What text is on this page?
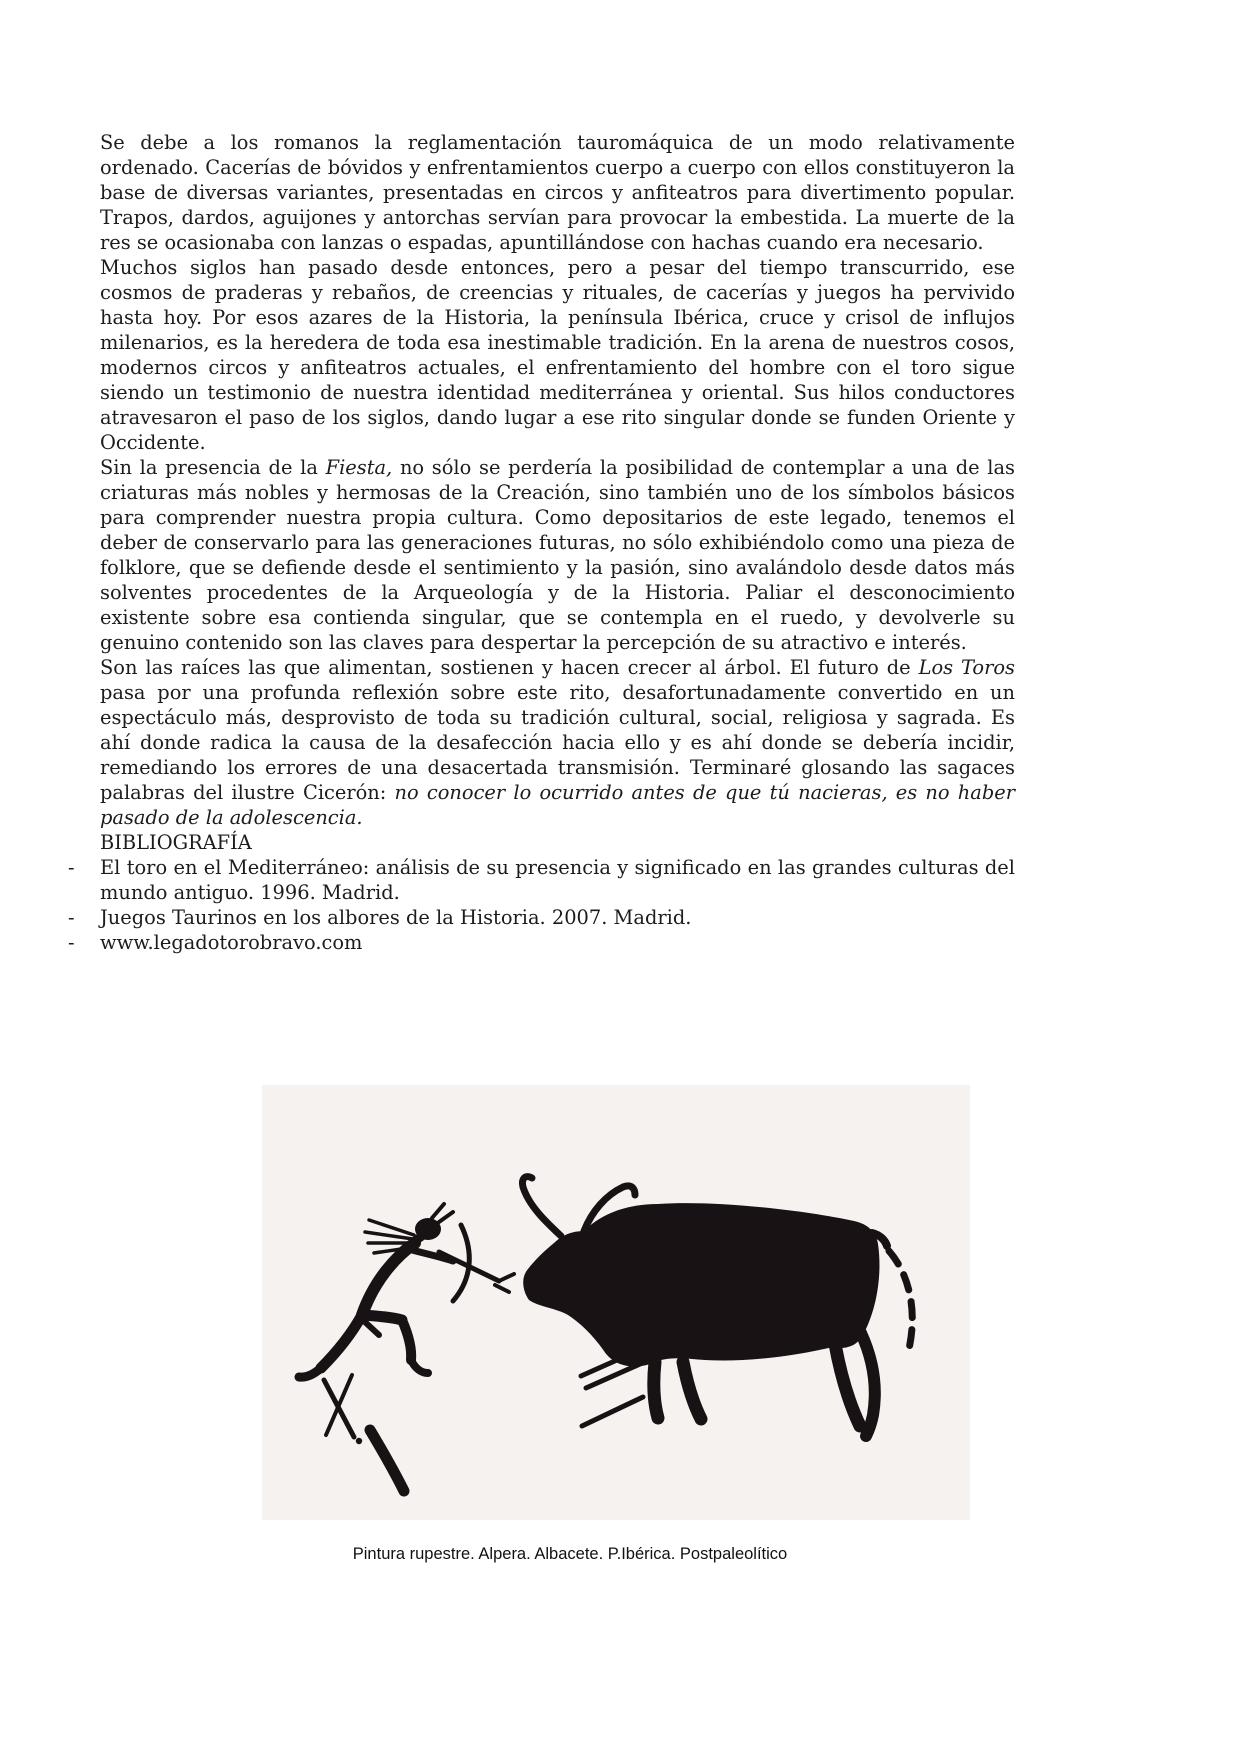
Se debe a los romanos la reglamentación tauromáquica de un modo relativamente ordenado. Cacerías de bóvidos y enfrentamientos cuerpo a cuerpo con ellos constituyeron la base de diversas variantes, presentadas en circos y anfiteatros para divertimento popular. Trapos, dardos, aguijones y antorchas servían para provocar la embestida. La muerte de la res se ocasionaba con lanzas o espadas, apuntillándose con hachas cuando era necesario.

Muchos siglos han pasado desde entonces, pero a pesar del tiempo transcurrido, ese cosmos de praderas y rebaños, de creencias y rituales, de cacerías y juegos ha pervivido hasta hoy. Por esos azares de la Historia, la península Ibérica, cruce y crisol de influjos milenarios, es la heredera de toda esa inestimable tradición. En la arena de nuestros cosos, modernos circos y anfiteatros actuales, el enfrentamiento del hombre con el toro sigue siendo un testimonio de nuestra identidad mediterránea y oriental. Sus hilos conductores atravesaron el paso de los siglos, dando lugar a ese rito singular donde se funden Oriente y Occidente.

Sin la presencia de la Fiesta, no sólo se perdería la posibilidad de contemplar a una de las criaturas más nobles y hermosas de la Creación, sino también uno de los símbolos básicos para comprender nuestra propia cultura. Como depositarios de este legado, tenemos el deber de conservarlo para las generaciones futuras, no sólo exhibiéndolo como una pieza de folklore, que se defiende desde el sentimiento y la pasión, sino avalándolo desde datos más solventes procedentes de la Arqueología y de la Historia. Paliar el desconocimiento existente sobre esa contienda singular, que se contempla en el ruedo, y devolverle su genuino contenido son las claves para despertar la percepción de su atractivo e interés.

Son las raíces las que alimentan, sostienen y hacen crecer al árbol. El futuro de Los Toros pasa por una profunda reflexión sobre este rito, desafortunadamente convertido en un espectáculo más, desprovisto de toda su tradición cultural, social, religiosa y sagrada. Es ahí donde radica la causa de la desafección hacia ello y es ahí donde se debería incidir, remediando los errores de una desacertada transmisión. Terminaré glosando las sagaces palabras del ilustre Cicerón: no conocer lo ocurrido antes de que tú nacieras, es no haber pasado de la adolescencia.

BIBLIOGRAFÍA

-	El toro en el Mediterráneo: análisis de su presencia y significado en las grandes culturas del mundo antiguo. 1996. Madrid.
-	Juegos Taurinos en los albores de la Historia. 2007. Madrid.
-	www.legadotorobravo.com
Pintura rupestre. Alpera. Albacete. P.Ibérica. Postpaleolítico
